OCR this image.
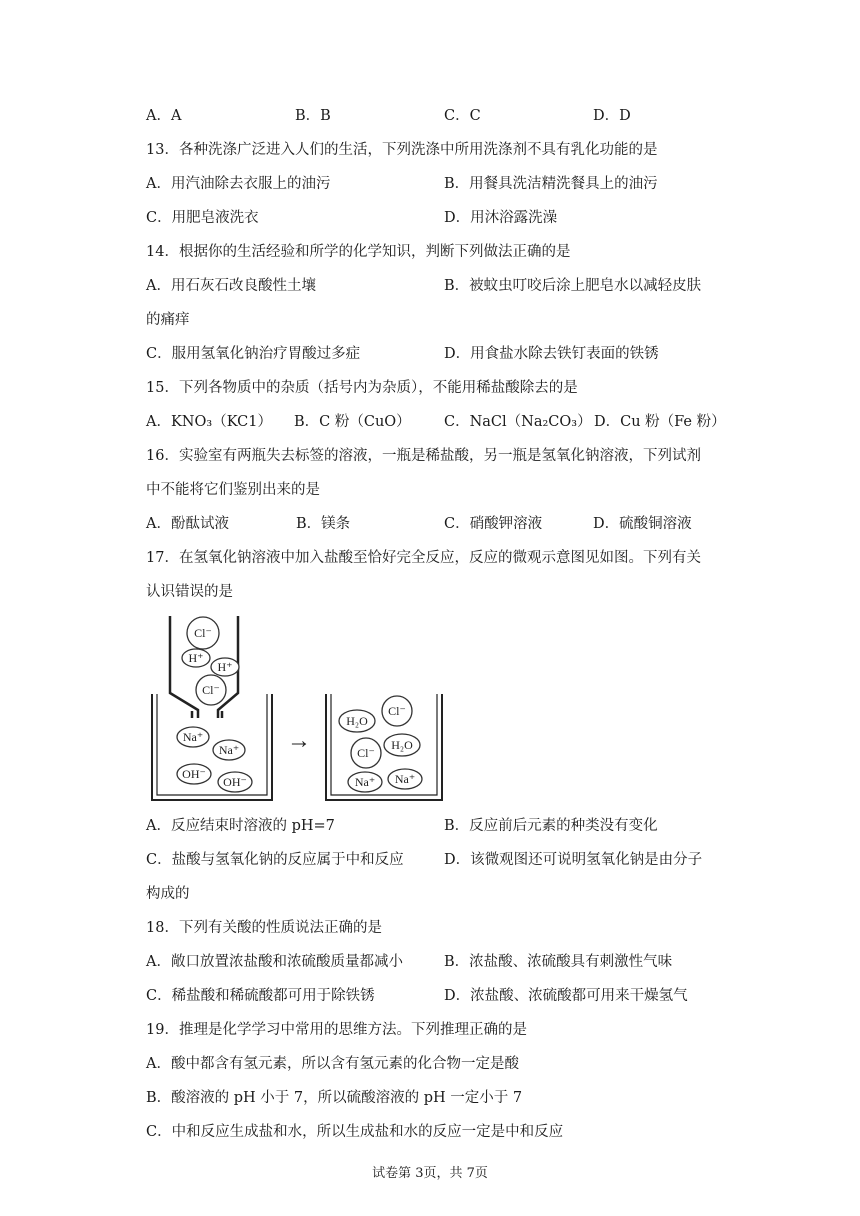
A．A	B．B	C．C	D．D
13．各种洗涤广泛进入人们的生活，下列洗涤中所用洗涤剂不具有乳化功能的是
A．用汽油除去衣服上的油污	B．用餐具洗洁精洗餐具上的油污
C．用肥皂液洗衣	D．用沐浴露洗澡
14．根据你的生活经验和所学的化学知识，判断下列做法正确的是
A．用石灰石改良酸性土壤	B．被蚊虫叮咬后涂上肥皂水以减轻皮肤
的痛痒
C．服用氢氧化钠治疗胃酸过多症	D．用食盐水除去铁钉表面的铁锈
15．下列各物质中的杂质（括号内为杂质），不能用稀盐酸除去的是
A．KNO₃（KC1） B．C 粉（CuO） C．NaCl（Na₂CO₃） D．Cu 粉（Fe 粉）
16．实验室有两瓶失去标签的溶液，一瓶是稀盐酸，另一瓶是氢氧化钠溶液，下列试剂
中不能将它们鉴别出来的是
A．酚酞试液	B．镁条	C．硝酸钾溶液	D．硫酸铜溶液
17．在氢氧化钠溶液中加入盐酸至恰好完全反应，反应的微观示意图见如图。下列有关
认识错误的是
Cl⁻
H⁺
H⁺
Cl⁻
Na⁺
Na⁺
OH⁻
OH⁻
H₂O
Cl⁻
Cl⁻
H₂O
Na⁺ Na⁺
→
A．反应结束时溶液的 pH=7	B．反应前后元素的种类没有变化
C．盐酸与氢氧化钠的反应属于中和反应	D．该微观图还可说明氢氧化钠是由分子
构成的
18．下列有关酸的性质说法正确的是
A．敞口放置浓盐酸和浓硫酸质量都减小	B．浓盐酸、浓硫酸具有刺激性气味
C．稀盐酸和稀硫酸都可用于除铁锈	D．浓盐酸、浓硫酸都可用来干燥氢气
19．推理是化学学习中常用的思维方法。下列推理正确的是
A．酸中都含有氢元素，所以含有氢元素的化合物一定是酸
B．酸溶液的 pH 小于 7，所以硫酸溶液的 pH 一定小于 7
C．中和反应生成盐和水，所以生成盐和水的反应一定是中和反应
试卷第 3页，共 7页
